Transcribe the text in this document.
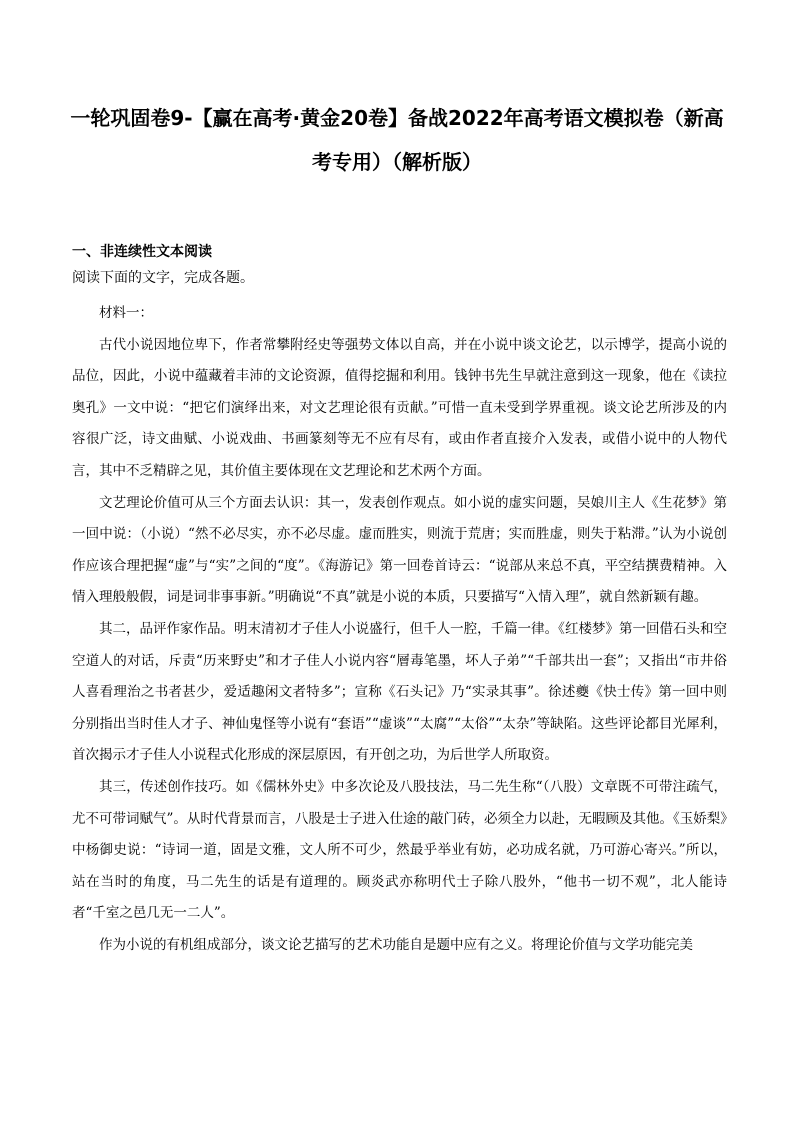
一轮巩固卷9-【赢在高考·黄金20卷】备战2022年高考语文模拟卷（新高考专用）（解析版）
一、非连续性文本阅读
阅读下面的文字，完成各题。

材料一：

古代小说因地位卑下，作者常攀附经史等强势文体以自高，并在小说中谈文论艺，以示博学，提高小说的品位，因此，小说中蕴藏着丰沛的文论资源，值得挖掘和利用。钱钟书先生早就注意到这一现象，他在《读拉奥孔》一文中说：“把它们演绎出来，对文艺理论很有贡献。”可惜一直未受到学界重视。谈文论艺所涉及的内容很广泛，诗文曲赋、小说戏曲、书画篆刻等无不应有尽有，或由作者直接介入发表，或借小说中的人物代言，其中不乏精辟之见，其价值主要体现在文艺理论和艺术两个方面。

文艺理论价值可从三个方面去认识：其一，发表创作观点。如小说的虚实问题，吴娘川主人《生花梦》第一回中说：（小说）“然不必尽实，亦不必尽虚。虚而胜实，则流于荒唐；实而胜虚，则失于粘滞。”认为小说创作应该合理把握“虚”与“实”之间的“度”。《海游记》第一回卷首诗云：“说部从来总不真，平空结撰费精神。入情入理般般假，词是词非事事新。”明确说“不真”就是小说的本质，只要描写“入情入理”，就自然新颖有趣。

其二，品评作家作品。明末清初才子佳人小说盛行，但千人一腔，千篇一律。《红楼梦》第一回借石头和空空道人的对话，斥责“历来野史”和才子佳人小说内容“層毒笔墨，坏人子弟”“千部共出一套”；又指出“市井俗人喜看理治之书者甚少，爱适趣闲文者特多”；宣称《石头记》乃“实录其事”。徐述夔《快士传》第一回中则分别指出当时佳人才子、神仙鬼怪等小说有“套语”“虚谈”“太腐”“太俗”“太杂”等缺陷。这些评论都目光犀利，首次揭示才子佳人小说程式化形成的深层原因，有开创之功，为后世学人所取资。

其三，传述创作技巧。如《儒林外史》中多次论及八股技法，马二先生称“（八股）文章既不可带注疏气，尤不可带词赋气”。从时代背景而言，八股是士子进入仕途的敲门砖，必须全力以赴，无暇顾及其他。《玉娇梨》中杨御史说：“诗词一道，固是文雅，文人所不可少，然最乎举业有妨，必功成名就，乃可游心寄兴。”所以，站在当时的角度，马二先生的话是有道理的。顾炎武亦称明代士子除八股外，“他书一切不观”，北人能诗者“千室之邑几无一二人”。

作为小说的有机组成部分，谈文论艺描写的艺术功能自是题中应有之义。将理论价值与文学功能完美
